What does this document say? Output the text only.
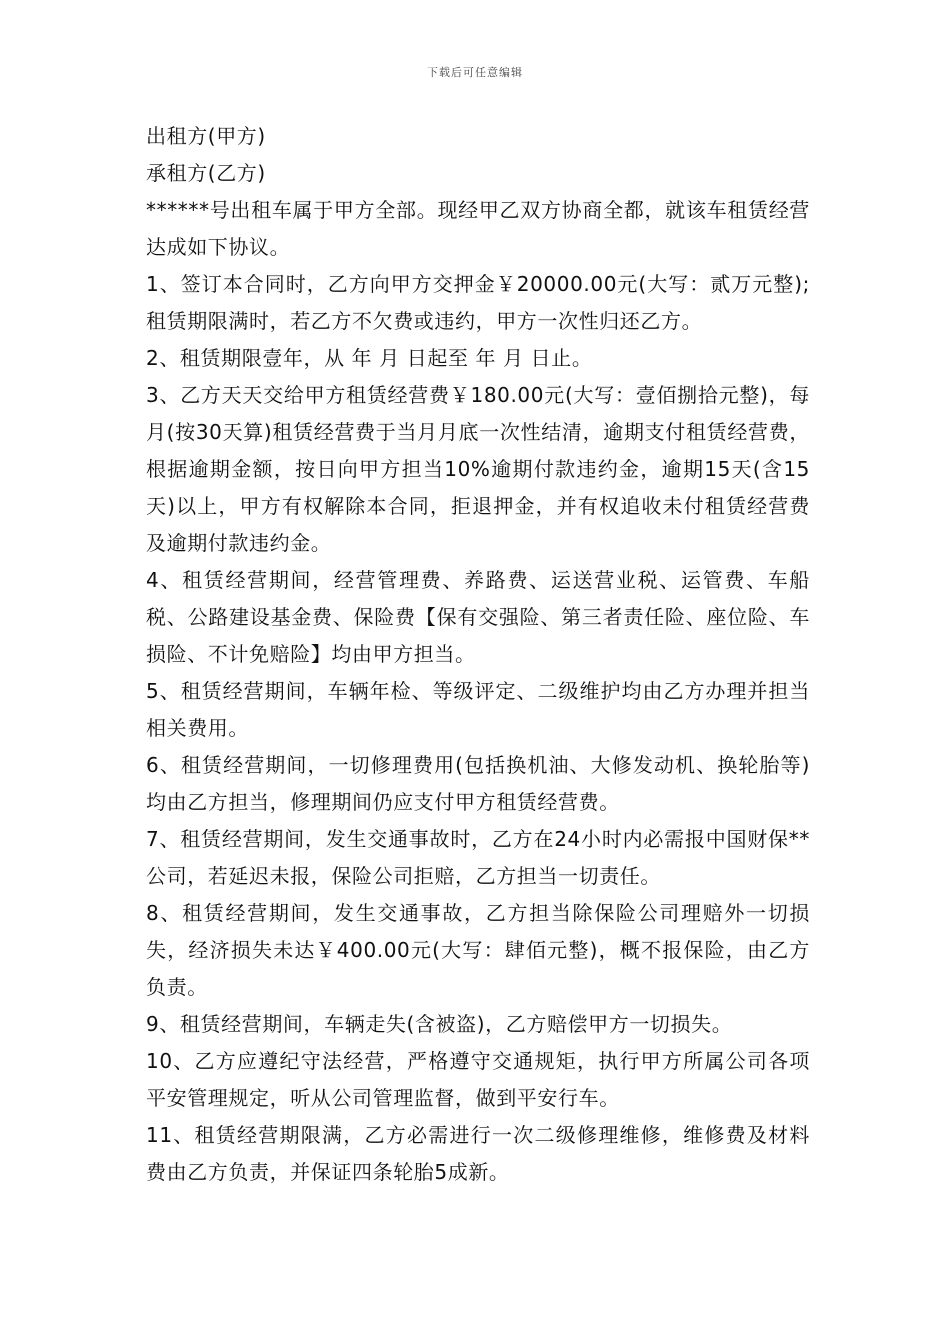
下载后可任意编辑

出租方(甲方)

承租方(乙方)

******号出租车属于甲方全部。现经甲乙双方协商全都，就该车租赁经营达成如下协议。

1、签订本合同时，乙方向甲方交押金￥20000.00元(大写：贰万元整);租赁期限满时，若乙方不欠费或违约，甲方一次性归还乙方。

2、租赁期限壹年，从 年 月 日起至 年 月 日止。

3、乙方天天交给甲方租赁经营费￥180.00元(大写：壹佰捌拾元整)，每月(按30天算)租赁经营费于当月月底一次性结清，逾期支付租赁经营费，根据逾期金额，按日向甲方担当10%逾期付款违约金，逾期15天(含15天)以上，甲方有权解除本合同，拒退押金，并有权追收未付租赁经营费及逾期付款违约金。

4、租赁经营期间，经营管理费、养路费、运送营业税、运管费、车船税、公路建设基金费、保险费【保有交强险、第三者责任险、座位险、车损险、不计免赔险】均由甲方担当。

5、租赁经营期间，车辆年检、等级评定、二级维护均由乙方办理并担当相关费用。

6、租赁经营期间，一切修理费用(包括换机油、大修发动机、换轮胎等)均由乙方担当，修理期间仍应支付甲方租赁经营费。

7、租赁经营期间，发生交通事故时，乙方在24小时内必需报中国财保**公司，若延迟未报，保险公司拒赔，乙方担当一切责任。

8、租赁经营期间，发生交通事故，乙方担当除保险公司理赔外一切损失，经济损失未达￥400.00元(大写：肆佰元整)，概不报保险，由乙方负责。

9、租赁经营期间，车辆走失(含被盗)，乙方赔偿甲方一切损失。

10、乙方应遵纪守法经营，严格遵守交通规矩，执行甲方所属公司各项平安管理规定，听从公司管理监督，做到平安行车。

11、租赁经营期限满，乙方必需进行一次二级修理维修，维修费及材料费由乙方负责，并保证四条轮胎5成新。
